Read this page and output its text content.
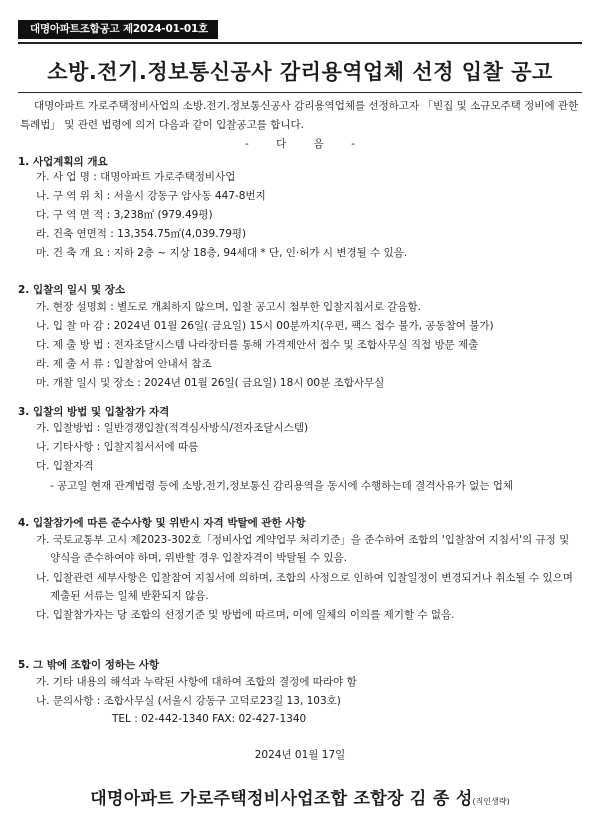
대명아파트조합공고 제2024-01-01호
소방.전기.정보통신공사 감리용역업체 선정 입찰 공고
대명아파트 가로주택정비사업의 소방.전기.정보통신공사 감리용역업체를 선정하고자 「빈집 및 소규모주택 정비에 관한 특례법」 및 관련 법령에 의거 다음과 같이 입찰공고를 합니다.
- 다 음 -
1. 사업계획의 개요
가. 사 업 명 : 대명아파트 가로주택정비사업
나. 구 역 위 치 : 서울시 강동구 암사동 447-8번지
다. 구 역 면 적 : 3,238㎡ (979.49평)
라. 건축 연면적 : 13,354.75㎡(4,039.79평)
마. 건 축 개 요 : 지하 2층 ~ 지상 18층, 94세대 * 단, 인·허가 시 변경될 수 있음.
2. 입찰의 일시 및 장소
가. 현장 설명회 : 별도로 개최하지 않으며, 입찰 공고시 첨부한 입찰지침서로 갈음함.
나. 입 찰 마 감 : 2024년 01월 26일( 금요일) 15시 00분까지(우편, 팩스 접수 불가, 공동참여 불가)
다. 제 출 방 법 : 전자조달시스템 나라장터를 통해 가격제안서 접수 및 조합사무실 직접 방문 제출
라. 제 출 서 류 : 입찰참여 안내서 참조
마. 개찰 일시 및 장소 : 2024년 01월 26일( 금요일) 18시 00분 조합사무실
3. 입찰의 방법 및 입찰참가 자격
가. 입찰방법 : 일반경쟁입찰(적격심사방식/전자조달시스템)
나. 기타사항 : 입찰지침서서에 따름
다. 입찰자격
- 공고일 현재 관계법령 등에 소방,전기,정보통신 감리용역을 동시에 수행하는데 결격사유가 없는 업체
4. 입찰참가에 따른 준수사항 및 위반시 자격 박탈에 관한 사항
가. 국토교통부 고시 제2023-302호「정비사업 계약업무 처리기준」을 준수하여 조합의 '입찰참여 지침서'의 규정 및 양식을 준수하여야 하며, 위반할 경우 입찰자격이 박탈될 수 있음.
나. 입찰관련 세부사항은 입찰참여 지침서에 의하며, 조합의 사정으로 인하여 입찰일정이 변경되거나 취소될 수 있으며 제출된 서류는 일체 반환되지 않음.
다. 입찰참가자는 당 조합의 선정기준 및 방법에 따르며, 이에 일체의 이의를 제기할 수 없음.
5. 그 밖에 조합이 정하는 사항
가. 기타 내용의 해석과 누락된 사항에 대하여 조합의 결정에 따라야 함
나. 문의사항 : 조합사무실 (서울시 강동구 고덕로23길 13, 103호)
TEL : 02-442-1340 FAX: 02-427-1340
2024년 01월 17일
대명아파트 가로주택정비사업조합 조합장 김 종 성(직인생략)
